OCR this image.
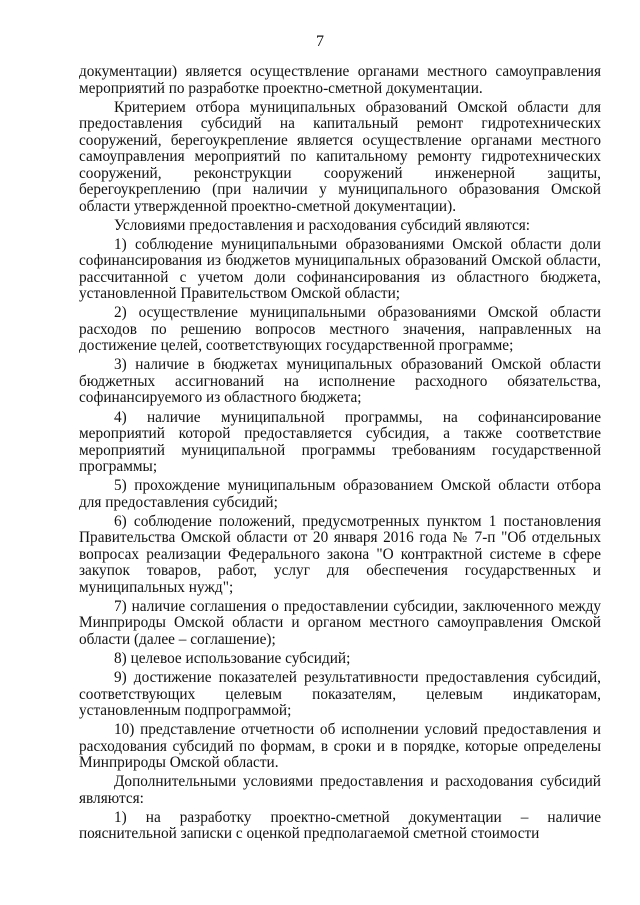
7

документации) является осуществление органами местного самоуправления мероприятий по разработке проектно-сметной документации.

Критерием отбора муниципальных образований Омской области для предоставления субсидий на капитальный ремонт гидротехнических сооружений, берегоукрепление является осуществление органами местного самоуправления мероприятий по капитальному ремонту гидротехнических сооружений, реконструкции сооружений инженерной защиты, берегоукреплению (при наличии у муниципального образования Омской области утвержденной проектно-сметной документации).

Условиями предоставления и расходования субсидий являются:

1) соблюдение муниципальными образованиями Омской области доли софинансирования из бюджетов муниципальных образований Омской области, рассчитанной с учетом доли софинансирования из областного бюджета, установленной Правительством Омской области;

2) осуществление муниципальными образованиями Омской области расходов по решению вопросов местного значения, направленных на достижение целей, соответствующих государственной программе;

3) наличие в бюджетах муниципальных образований Омской области бюджетных ассигнований на исполнение расходного обязательства, софинансируемого из областного бюджета;

4) наличие муниципальной программы, на софинансирование мероприятий которой предоставляется субсидия, а также соответствие мероприятий муниципальной программы требованиям государственной программы;

5) прохождение муниципальным образованием Омской области отбора для предоставления субсидий;

6) соблюдение положений, предусмотренных пунктом 1 постановления Правительства Омской области от 20 января 2016 года № 7-п "Об отдельных вопросах реализации Федерального закона "О контрактной системе в сфере закупок товаров, работ, услуг для обеспечения государственных и муниципальных нужд";

7) наличие соглашения о предоставлении субсидии, заключенного между Минприроды Омской области и органом местного самоуправления Омской области (далее – соглашение);

8) целевое использование субсидий;

9) достижение показателей результативности предоставления субсидий, соответствующих целевым показателям, целевым индикаторам, установленным подпрограммой;

10) представление отчетности об исполнении условий предоставления и расходования субсидий по формам, в сроки и в порядке, которые определены Минприроды Омской области.

Дополнительными условиями предоставления и расходования субсидий являются:

1) на разработку проектно-сметной документации – наличие пояснительной записки с оценкой предполагаемой сметной стоимости
